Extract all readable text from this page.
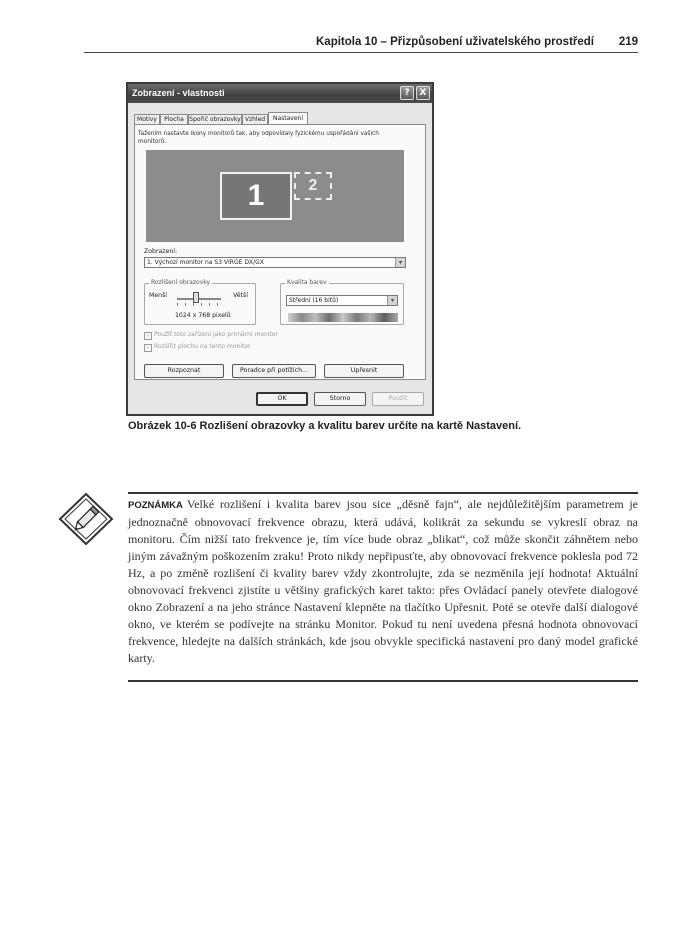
Kapitola 10 – Přizpůsobení uživatelského prostředí 219
Zobrazení - vlastnosti	?	X
Motivy	Plocha Spořič obrazovky Vzhled	Nastavení
Tažením nastavte ikony monitorů tak, aby odpovídaly fyzickému uspořádání vašich monitorů.
1	2
Zobrazení:
1. Výchozí monitor na S3 VIRGE DX/GX	▾
Rozlišení obrazovky
Menší	Větší
1024 x 768 pixelů
Kvalita barev
Střední (16 bitů)	▾
✓ Použít toto zařízení jako primární monitor
✓ Rozšířit plochu na tento monitor
Rozpoznat	Poradce při potížích...	Upřesnit
OK	Storno	Použít
Obrázek 10-6 Rozlišení obrazovky a kvalitu barev určíte na kartě Nastavení.
POZNÁMKA Velké rozlišení i kvalita barev jsou sice „děsně fajn“, ale nejdůležitějším parametrem je jednoznačně obnovovací frekvence obrazu, která udává, kolikrát za sekundu se vykreslí obraz na monitoru. Čím nižší tato frekvence je, tím více bude obraz „blikat“, což může skončit záhnětem nebo jiným závažným poškozením zraku! Proto nikdy nepřipusťte, aby obnovovací frekvence poklesla pod 72 Hz, a po změně rozlišení či kvality barev vždy zkontrolujte, zda se nezměnila její hodnota! Aktuální obnovovací frekvenci zjistíte u většiny grafických karet takto: přes Ovládací panely otevřete dialogové okno Zobrazení a na jeho stránce Nastavení klepněte na tlačítko Upřesnit. Poté se otevře další dialogové okno, ve kterém se podívejte na stránku Monitor. Pokud tu není uvedena přesná hodnota obnovovací frekvence, hledejte na dalších stránkách, kde jsou obvykle specifická nastavení pro daný model grafické karty.
